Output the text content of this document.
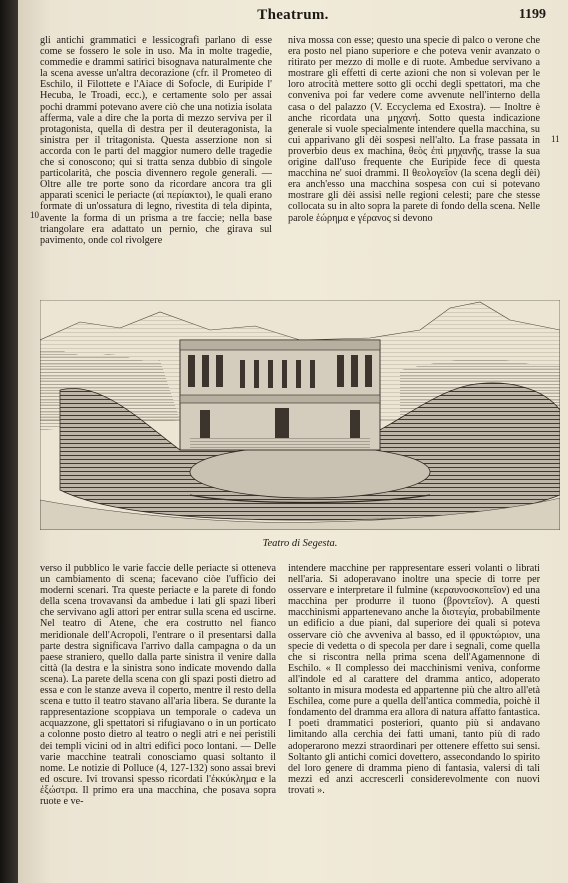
Theatrum.	1199

gli antichi grammatici e lessicografi parlano di esse come se fossero le sole in uso. Ma in molte tragedie, commedie e drammi satirici bisognava naturalmente che la scena avesse un'altra decorazione (cfr. il Prometeo di Eschilo, il Filottete e l'Aiace di Sofocle, di Euripide l' Hecuba, le Troadi, ecc.), e certamente solo per assai pochi drammi potevano avere ciò che una notizia isolata afferma, vale a dire che la porta di mezzo serviva per il protagonista, quella di destra per il deuteragonista, la sinistra per il tritagonista. Questa asserzione non si accorda con le parti del maggior numero delle tragedie che si conoscono; qui si tratta senza dubbio di singole particolarità, che poscia divennero regole generali. — Oltre alle tre porte sono da ricordare ancora tra gli apparati scenici le periacte (αἱ περίακτοι), le quali erano formate di un'ossatura di legno, rivestita di tela dipinta, avente la forma di un prisma a tre faccie; nella base triangolare era adattato un pernio, che girava sul pavimento, onde col rivolgere

niva mossa con esse; questo una specie di palco o verone che era posto nel piano superiore e che poteva venir avanzato o ritirato per mezzo di molle e di ruote. Ambedue servivano a mostrare gli effetti di certe azioni che non si volevan per le loro atrocità mettere sotto gli occhi degli spettatori, ma che conveniva poi far vedere come avvenute nell'interno della casa o del palazzo (V. Eccyclema ed Exostra). — Inoltre è anche ricordata una μηχανή. Sotto questa indicazione generale si vuole specialmente intendere quella macchina, su cui apparivano gli dèi sospesi nell'alto. La frase passata in proverbio deus ex machina, θεὸς ἐπὶ μηχανῆς, trasse la sua origine dall'uso frequente che Euripide fece di questa macchina ne' suoi drammi. Il θεολογεῖον (la scena degli dèi) era anch'esso una macchina sospesa con cui si potevano mostrare gli dèi assisi nelle regioni celesti; pare che stesse collocata su in alto sopra la parete di fondo della scena. Nelle parole ἑώρημα e γέρανος si devono

10
11
Teatro di Segesta.

verso il pubblico le varie faccie delle periacte si otteneva un cambiamento di scena; facevano ciòe l'ufficio dei moderni scenari. Tra queste periacte e la parete di fondo della scena trovavansi da ambedue i lati gli spazi liberi che servivano agli attori per entrar sulla scena ed uscirne. Nel teatro di Atene, che era costrutto nel fianco meridionale dell'Acropoli, l'entrare o il presentarsi dalla parte destra significava l'arrivo dalla campagna o da un paese straniero, quello dalla parte sinistra il venire dalla città (la destra e la sinistra sono indicate movendo dalla scena). La parete della scena con gli spazi posti dietro ad essa e con le stanze aveva il coperto, mentre il resto della scena e tutto il teatro stavano all'aria libera. Se durante la rappresentazione scoppiava un temporale o cadeva un acquazzone, gli spettatori si rifugiavano o in un porticato a colonne posto dietro al teatro o negli atri e nei peristili dei templi vicini od in altri edifici poco lontani. — Delle varie macchine teatrali conosciamo quasi soltanto il nome. Le notizie di Polluce (4, 127-132) sono assai brevi ed oscure. Ivi trovansi spesso ricordati l'ἐκκύκλημα e la ἐξώστρα. Il primo era una macchina, che posava sopra ruote e ve-

intendere macchine per rappresentare esseri volanti o librati nell'aria. Si adoperavano inoltre una specie di torre per osservare e interpretare il fulmine (κεραυνοσκοπεῖον) ed una macchina per produrre il tuono (βροντεῖον). A questi macchinismi appartenevano anche la διστεγία, probabilmente un edificio a due piani, dal superiore dei quali si poteva osservare ciò che avveniva al basso, ed il φρυκτώριον, una specie di vedetta o di specola per dare i segnali, come quella che si riscontra nella prima scena dell'Agamennone di Eschilo. « Il complesso dei macchinismi veniva, conforme all'indole ed al carattere del dramma antico, adoperato soltanto in misura modesta ed appartenne più che altro all'età Eschilea, come pure a quella dell'antica commedia, poichè il fondamento del dramma era allora di natura affatto fantastica. I poeti drammatici posteriori, quanto più si andavano limitando alla cerchia dei fatti umani, tanto più di rado adoperarono mezzi straordinari per ottenere effetto sui sensi. Soltanto gli antichi comici dovettero, assecondando lo spirito del loro genere di dramma pieno di fantasia, valersi di tali mezzi ed anzi accrescerli considerevolmente con nuovi trovati ».
